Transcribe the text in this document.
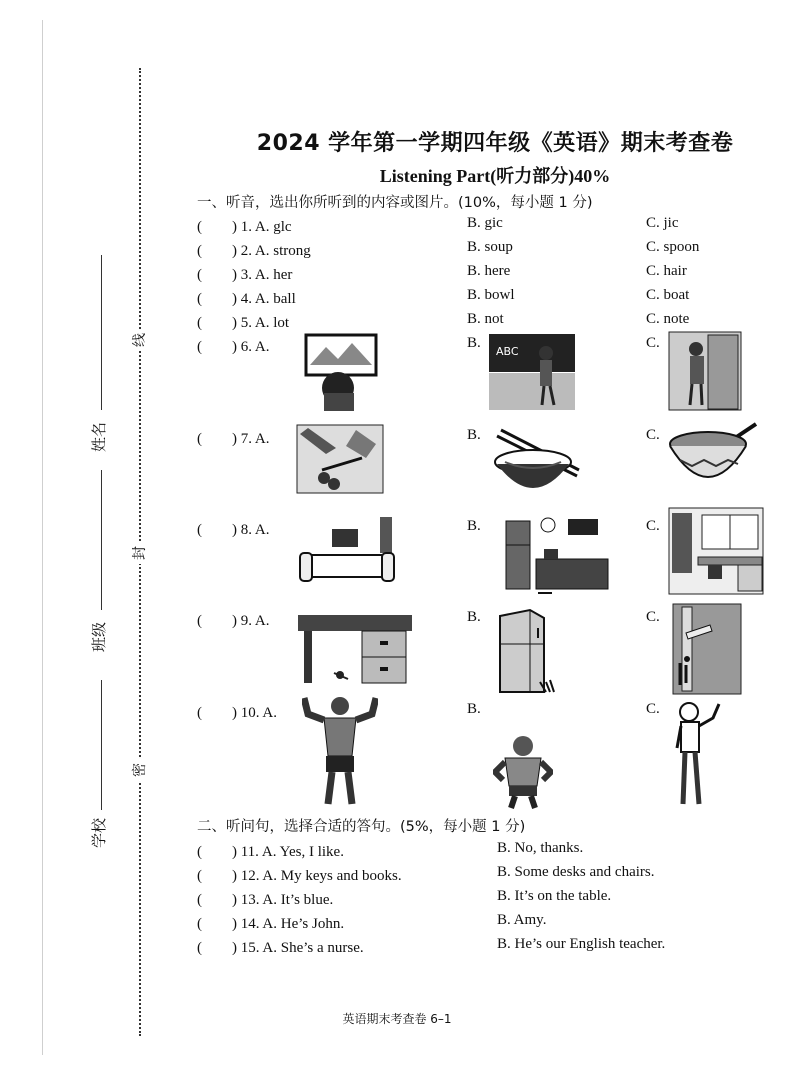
线
封
密
姓名
班级
学校
2024 学年第一学期四年级《英语》期末考查卷
Listening Part(听力部分)40%
一、听音，选出你所听到的内容或图片。(10%，每小题 1 分)
(　　) 1. A. glc	B. gic	C. jic
(　　) 2. A. strong	B. soup	C. spoon
(　　) 3. A. her	B. here	C. hair
(　　) 4. A. ball	B. bowl	C. boat
(　　) 5. A. lot	B. not	C. note
(　　) 6. A.	B.	C.
ABC
(　　) 7. A.	B.	C.
(　　) 8. A.	B.	C.
(　　) 9. A.	B.	C.
(　　) 10. A.	B.	C.
二、听问句，选择合适的答句。(5%，每小题 1 分)
(　　) 11. A. Yes, I like.	B. No, thanks.
(　　) 12. A. My keys and books.	B. Some desks and chairs.
(　　) 13. A. It’s blue.	B. It’s on the table.
(　　) 14. A. He’s John.	B. Amy.
(　　) 15. A. She’s a nurse.	B. He’s our English teacher.
英语期末考查卷 6–1
